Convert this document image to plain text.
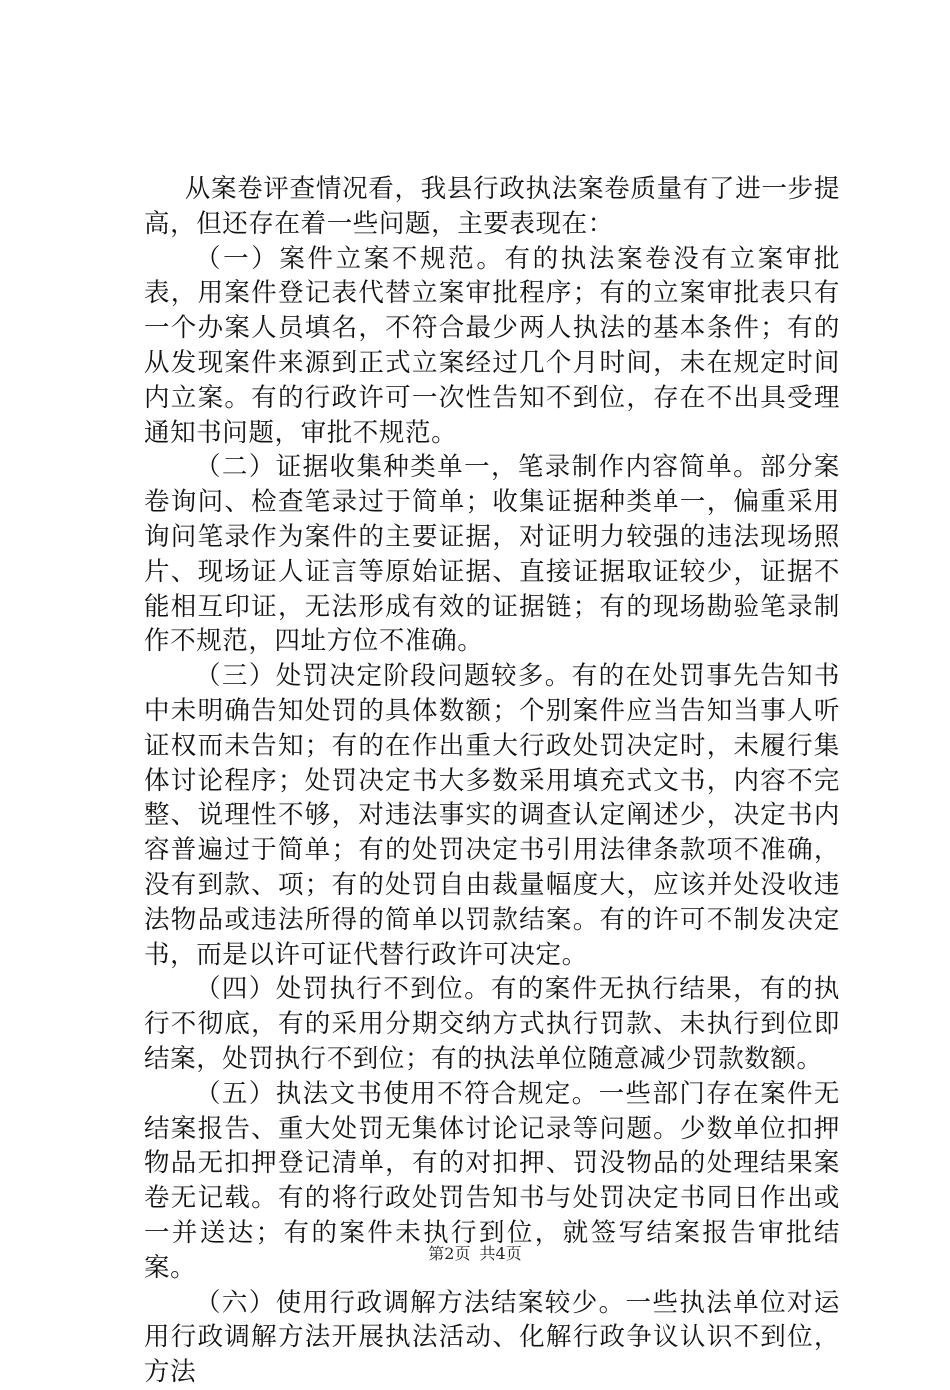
从案卷评查情况看，我县行政执法案卷质量有了进一步提高，但还存在着一些问题，主要表现在：

（一）案件立案不规范。有的执法案卷没有立案审批表，用案件登记表代替立案审批程序；有的立案审批表只有一个办案人员填名，不符合最少两人执法的基本条件；有的从发现案件来源到正式立案经过几个月时间，未在规定时间内立案。有的行政许可一次性告知不到位，存在不出具受理通知书问题，审批不规范。

（二）证据收集种类单一，笔录制作内容简单。部分案卷询问、检查笔录过于简单；收集证据种类单一，偏重采用询问笔录作为案件的主要证据，对证明力较强的违法现场照片、现场证人证言等原始证据、直接证据取证较少，证据不能相互印证，无法形成有效的证据链；有的现场勘验笔录制作不规范，四址方位不准确。

（三）处罚决定阶段问题较多。有的在处罚事先告知书中未明确告知处罚的具体数额；个别案件应当告知当事人听证权而未告知；有的在作出重大行政处罚决定时，未履行集体讨论程序；处罚决定书大多数采用填充式文书，内容不完整、说理性不够，对违法事实的调查认定阐述少，决定书内容普遍过于简单；有的处罚决定书引用法律条款项不准确，没有到款、项；有的处罚自由裁量幅度大，应该并处没收违法物品或违法所得的简单以罚款结案。有的许可不制发决定书，而是以许可证代替行政许可决定。

（四）处罚执行不到位。有的案件无执行结果，有的执行不彻底，有的采用分期交纳方式执行罚款、未执行到位即结案，处罚执行不到位；有的执法单位随意减少罚款数额。

（五）执法文书使用不符合规定。一些部门存在案件无结案报告、重大处罚无集体讨论记录等问题。少数单位扣押物品无扣押登记清单，有的对扣押、罚没物品的处理结果案卷无记载。有的将行政处罚告知书与处罚决定书同日作出或一并送达；有的案件未执行到位，就签写结案报告审批结案。

（六）使用行政调解方法结案较少。一些执法单位对运用行政调解方法开展执法活动、化解行政争议认识不到位，方法

第2页 共4页
